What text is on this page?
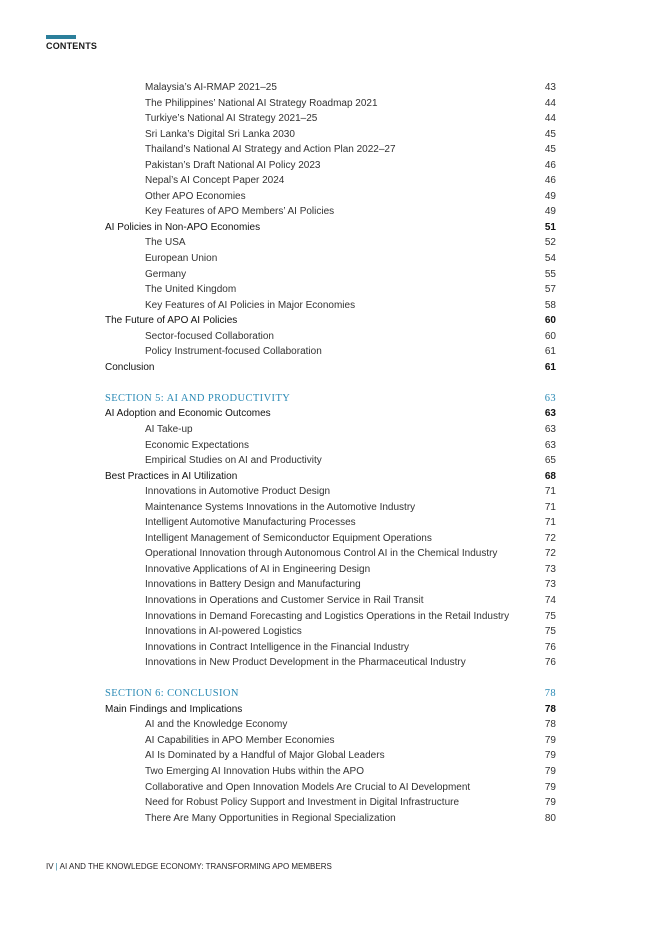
CONTENTS
Malaysia’s AI-RMAP 2021–25	43
The Philippines’ National AI Strategy Roadmap 2021	44
Turkiye’s National AI Strategy 2021–25	44
Sri Lanka’s Digital Sri Lanka 2030	45
Thailand’s National AI Strategy and Action Plan 2022–27	45
Pakistan’s Draft National AI Policy 2023	46
Nepal’s AI Concept Paper 2024	46
Other APO Economies	49
Key Features of APO Members’ AI Policies	49
AI Policies in Non-APO Economies	51
The USA	52
European Union	54
Germany	55
The United Kingdom	57
Key Features of AI Policies in Major Economies	58
The Future of APO AI Policies	60
Sector-focused Collaboration	60
Policy Instrument-focused Collaboration	61
Conclusion	61
SECTION 5: AI AND PRODUCTIVITY	63
AI Adoption and Economic Outcomes	63
AI Take-up	63
Economic Expectations	63
Empirical Studies on AI and Productivity	65
Best Practices in AI Utilization	68
Innovations in Automotive Product Design	71
Maintenance Systems Innovations in the Automotive Industry	71
Intelligent Automotive Manufacturing Processes	71
Intelligent Management of Semiconductor Equipment Operations	72
Operational Innovation through Autonomous Control AI in the Chemical Industry	72
Innovative Applications of AI in Engineering Design	73
Innovations in Battery Design and Manufacturing	73
Innovations in Operations and Customer Service in Rail Transit	74
Innovations in Demand Forecasting and Logistics Operations in the Retail Industry	75
Innovations in AI-powered Logistics	75
Innovations in Contract Intelligence in the Financial Industry	76
Innovations in New Product Development in the Pharmaceutical Industry	76
SECTION 6: CONCLUSION	78
Main Findings and Implications	78
AI and the Knowledge Economy	78
AI Capabilities in APO Member Economies	79
AI Is Dominated by a Handful of Major Global Leaders	79
Two Emerging AI Innovation Hubs within the APO	79
Collaborative and Open Innovation Models Are Crucial to AI Development	79
Need for Robust Policy Support and Investment in Digital Infrastructure	79
There Are Many Opportunities in Regional Specialization	80
IV | AI AND THE KNOWLEDGE ECONOMY: TRANSFORMING APO MEMBERS
